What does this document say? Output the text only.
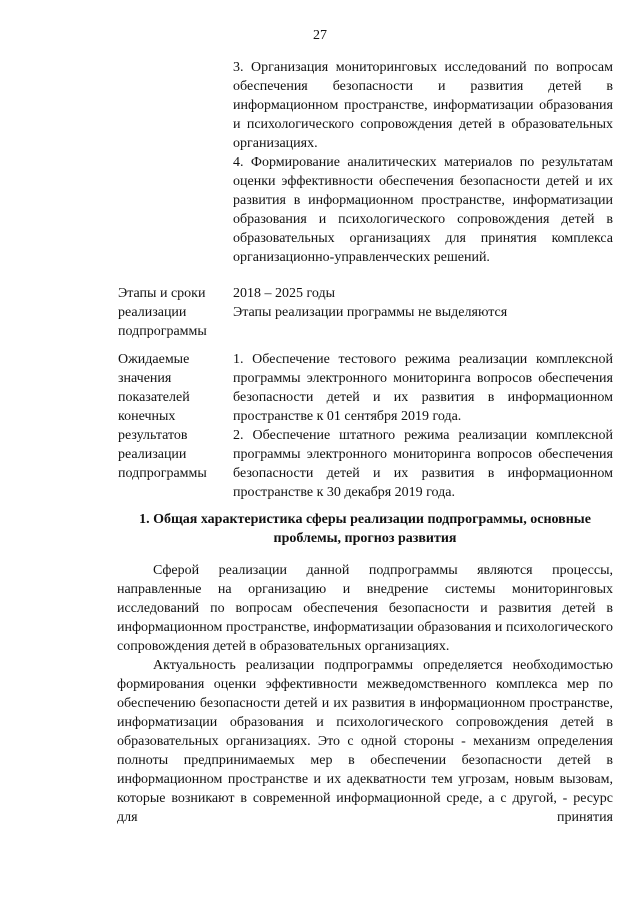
27

3. Организация мониторинговых исследований по вопросам обеспечения безопасности и развития детей в информационном пространстве, информатизации образования и психологического сопровождения детей в образовательных организациях.

4. Формирование аналитических материалов по результатам оценки эффективности обеспечения безопасности детей и их развития в информационном пространстве, информатизации образования и психологического сопровождения детей в образовательных организациях для принятия комплекса организационно-управленческих решений.

Этапы и сроки реализации подпрограммы

2018 – 2025 годы

Этапы реализации программы не выделяются

Ожидаемые значения показателей конечных результатов реализации подпрограммы

1. Обеспечение тестового режима реализации комплексной программы электронного мониторинга вопросов обеспечения безопасности детей и их развития в информационном пространстве к 01 сентября 2019 года.

2. Обеспечение штатного режима реализации комплексной программы электронного мониторинга вопросов обеспечения безопасности детей и их развития в информационном пространстве к 30 декабря 2019 года.

1. Общая характеристика сферы реализации подпрограммы, основные проблемы, прогноз развития

Сферой реализации данной подпрограммы являются процессы, направленные на организацию и внедрение системы мониторинговых исследований по вопросам обеспечения безопасности и развития детей в информационном пространстве, информатизации образования и психологического сопровождения детей в образовательных организациях.

Актуальность реализации подпрограммы определяется необходимостью формирования оценки эффективности межведомственного комплекса мер по обеспечению безопасности детей и их развития в информационном пространстве, информатизации образования и психологического сопровождения детей в образовательных организациях. Это с одной стороны - механизм определения полноты предпринимаемых мер в обеспечении безопасности детей в информационном пространстве и их адекватности тем угрозам, новым вызовам, которые возникают в современной информационной среде, а с другой, - ресурс для принятия
